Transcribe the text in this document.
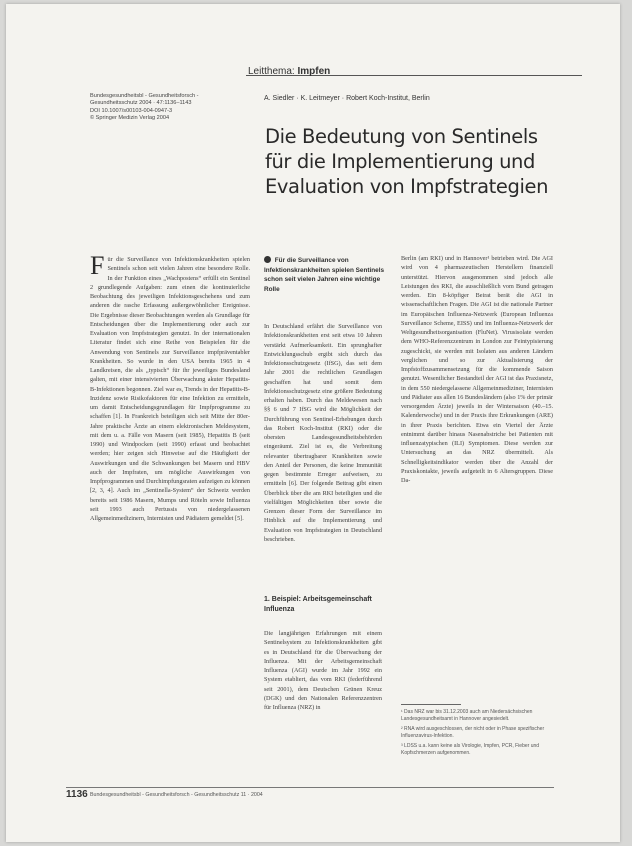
Leitthema: Impfen
Bundesgesundheitsbl - Gesundheitsforsch -
Gesundheitsschutz 2004 · 47:1136–1143
DOI 10.1007/s00103-004-0947-3
© Springer Medizin Verlag 2004
A. Siedler · K. Leitmeyer · Robert Koch-Institut, Berlin
Die Bedeutung von Sentinels
für die Implementierung und
Evaluation von Impfstrategien

F ür die Surveillance von Infektionskrankheiten spielen Sentinels schon seit vielen Jahren eine besondere Rolle. In der Funktion eines „Wachpostens“ erfüllt ein Sentinel 2 grundlegende Aufgaben: zum einen die kontinuierliche Beobachtung des jeweiligen Infektionsgeschehens und zum anderen die rasche Erfassung außergewöhnlicher Ereignisse. Die Ergebnisse dieser Beobachtungen werden als Grundlage für Entscheidungen über die Implementierung oder auch zur Evaluation von Impfstrategien genutzt. In der internationalen Literatur findet sich eine Reihe von Beispielen für die Anwendung von Sentinels zur Surveillance impfpräventabler Krankheiten. So wurde in den USA bereits 1965 in 4 Landkreisen, die als „typisch“ für ihr jeweiliges Bundesland galten, mit einer intensivierten Überwachung akuter Hepatitis-B-Infektionen begonnen. Ziel war es, Trends in der Hepatitis-B-Inzidenz sowie Risikofaktoren für eine Infektion zu ermitteln, um damit Entscheidungsgrundlagen für Impfprogramme zu schaffen [1]. In Frankreich beteiligen sich seit Mitte der 80er-Jahre praktische Ärzte an einem elektronischen Meldesystem, mit dem u. a. Fälle von Masern (seit 1985), Hepatitis B (seit 1990) und Windpocken (seit 1990) erfasst und beobachtet werden; hier zeigen sich Hinweise auf die Häufigkeit der Auswirkungen und die Schwankungen bei Masern und HBV auch der Impfraten, um mögliche Auswirkungen von Impfprogrammen und Durchimpfungsraten aufzeigen zu können [2, 3, 4]. Auch im „Sentinella-System“ der Schweiz werden bereits seit 1986 Masern, Mumps und Röteln sowie Influenza seit 1993 auch Pertussis von niedergelassenen Allgemeinmedizinern, Internisten und Pädiatern gemeldet [5].

Für die Surveillance von Infektionskrankheiten spielen Sentinels schon seit vielen Jahren eine wichtige Rolle

In Deutschland erfährt die Surveillance von Infektionskrankheiten erst seit etwa 10 Jahren verstärkt Aufmerksamkeit. Ein sprunghafter Entwicklungsschub ergibt sich durch das Infektionsschutzgesetz (IfSG), das seit dem Jahr 2001 die rechtlichen Grundlagen geschaffen hat und somit dem Infektionsschutzgesetz eine größere Bedeutung erhalten haben. Durch das Meldewesen nach §§ 6 und 7 IfSG wird die Möglichkeit der Durchführung von Sentinel-Erhebungen durch das Robert Koch-Institut (RKI) oder die obersten Landesgesundheitsbehörden eingeräumt. Ziel ist es, die Verbreitung relevanter übertragbarer Krankheiten sowie den Anteil der Personen, die keine Immunität gegen bestimmte Erreger aufweisen, zu ermitteln [6]. Der folgende Beitrag gibt einen Überblick über die am RKI beteiligten und die vielfältigen Möglichkeiten über sowie die Grenzen dieser Form der Surveillance im Hinblick auf die Implementierung und Evaluation von Impfstrategien in Deutschland beschrieben.

1. Beispiel: Arbeitsgemeinschaft Influenza

Die langjährigen Erfahrungen mit einem Sentinelsystem zu Infektionskrankheiten gibt es in Deutschland für die Überwachung der Influenza. Mit der Arbeitsgemeinschaft Influenza (AGI) wurde im Jahr 1992 ein System etabliert, das vom RKI (federführend seit 2001), dem Deutschen Grünen Kreuz (DGK) und den Nationalen Referenzzentren für Influenza (NRZ) in

Berlin (am RKI) und in Hannover¹ betrieben wird. Die AGI wird von 4 pharmazeutischen Herstellern finanziell unterstützt. Hiervon ausgenommen sind jedoch alle Leistungen des RKI, die ausschließlich vom Bund getragen werden. Ein 8-köpfiger Beirat berät die AGI in wissenschaftlichen Fragen. Die AGI ist die nationale Partner im Europäischen Influenza-Netzwerk (European Influenza Surveillance Scheme, EISS) und im Influenza-Netzwerk der Weltgesundheitsorganisation (FluNet). Virusisolate werden dem WHO-Referenzzentrum in London zur Feintypisierung zugeschickt, sie werden mit Isolaten aus anderen Ländern verglichen und so zur Aktualisierung der Impfstoffzusammensetzung für die kommende Saison genutzt. Wesentlicher Bestandteil der AGI ist das Praxisnetz, in dem 550 niedergelassene Allgemeinmediziner, Internisten und Pädiater aus allen 16 Bundesländern (also 1% der primär versorgenden Ärzte) jeweils in der Wintersaison (40.–15. Kalenderwoche) und in der Praxis ihre Erkrankungen (ARE) in ihrer Praxis berichten. Etwa ein Viertel der Ärzte entnimmt darüber hinaus Nasenabstriche bei Patienten mit influenzatypischen (ILI) Symptomen. Diese werden zur Untersuchung an das NRZ übermittelt. Als Schnelligkeitsindikator werden über die Anzahl der Praxiskontakte, jeweils aufgeteilt in 6 Altersgruppen. Diese Da-

¹ Das NRZ war bis 31.12.2003 auch am Niedersächsischen Landesgesundheitsamt in Hannover angesiedelt.

² RNA wird ausgeschlossen, der nicht oder in Phase spezifischer Influenzavirus-Infektion.

³ LDSS u.a. kann keine als Virologie, Impfen, PCR, Fieber und Kopfschmerzen aufgenommen.

1136 Bundesgesundheitsbl - Gesundheitsforsch - Gesundheitsschutz 11 · 2004
